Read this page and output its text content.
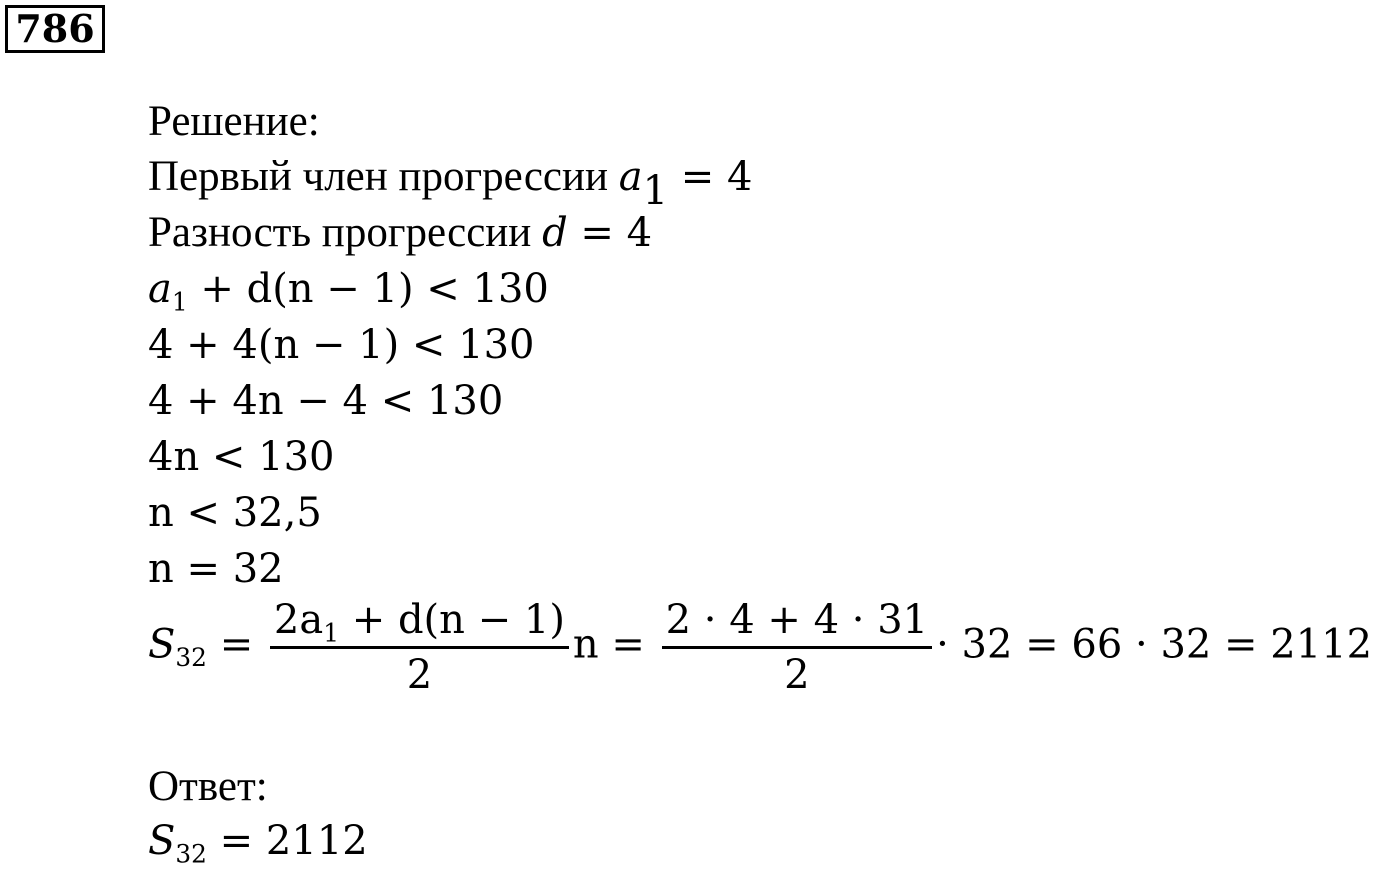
786
Решение:
Первый член прогрессии $a_1 = 4$
Разность прогрессии d = 4
$a_1 + d(n - 1) < 130$
4 + 4(n − 1) < 130
4 + 4n − 4 < 130
4n < 130
n < 32,5
n = 32
$S_{32} = \frac{2a_1 + d(n - 1)}{2}$ $n = \frac{2 \cdot 4 + 4 \cdot 31}{2} \cdot 32 = 66 \cdot 32 = 2112$
Ответ:
$S_{32} = 2112$
